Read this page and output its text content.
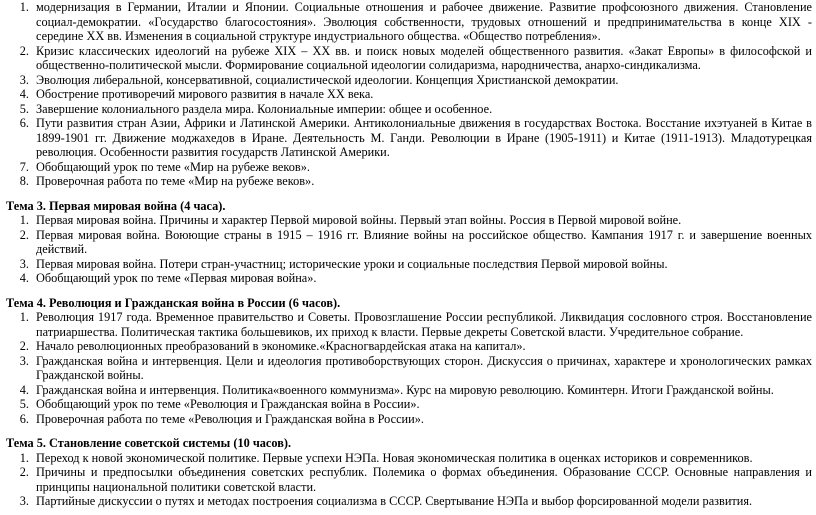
1. модернизация в Германии, Италии и Японии. Социальные отношения и рабочее движение. Развитие профсоюзного движения. Становление социал-демократии. «Государство благосостояния». Эволюция собственности, трудовых отношений и предпринимательства в конце XIX - середине XX вв. Изменения в социальной структуре индустриального общества. «Общество потребления».
2. Кризис классических идеологий на рубеже XIX – XX вв. и поиск новых моделей общественного развития. «Закат Европы» в философской и общественно-политической мысли. Формирование социальной идеологии солидаризма, народничества, анархо-синдикализма.
3. Эволюция либеральной, консервативной, социалистической идеологии. Концепция Христианской демократии.
4. Обострение противоречий мирового развития в начале XX века.
5. Завершение колониального раздела мира. Колониальные империи: общее и особенное.
6. Пути развития стран Азии, Африки и Латинской Америки. Антиколониальные движения в государствах Востока. Восстание ихэтуаней в Китае в 1899-1901 гг. Движение моджахедов в Иране. Деятельность М. Ганди. Революции в Иране (1905-1911) и Китае (1911-1913). Младотурецкая революция. Особенности развития государств Латинской Америки.
7. Обобщающий урок по теме «Мир на рубеже веков».
8. Проверочная работа по теме «Мир на рубеже веков».
Тема 3. Первая мировая война (4 часа).
1. Первая мировая война. Причины и характер Первой мировой войны. Первый этап войны. Россия в Первой мировой войне.
2. Первая мировая война. Воюющие страны в 1915 – 1916 гг. Влияние войны на российское общество. Кампания 1917 г. и завершение военных действий.
3. Первая мировая война. Потери стран-участниц; исторические уроки и социальные последствия Первой мировой войны.
4. Обобщающий урок по теме «Первая мировая война».
Тема 4. Революция и Гражданская война в России (6 часов).
1. Революция 1917 года. Временное правительство и Советы. Провозглашение России республикой. Ликвидация сословного строя. Восстановление патриаршества. Политическая тактика большевиков, их приход к власти. Первые декреты Советской власти. Учредительное собрание.
2. Начало революционных преобразований в экономике.«Красногвардейская атака на капитал».
3. Гражданская война и интервенция. Цели и идеология противоборствующих сторон. Дискуссия о причинах, характере и хронологических рамках Гражданской войны.
4. Гражданская война и интервенция. Политика«военного коммунизма». Курс на мировую революцию. Коминтерн. Итоги Гражданской войны.
5. Обобщающий урок по теме «Революция и Гражданская война в России».
6. Проверочная работа по теме «Революция и Гражданская война в России».
Тема 5. Становление советской системы (10 часов).
1. Переход к новой экономической политике. Первые успехи НЭПа. Новая экономическая политика в оценках историков и современников.
2. Причины и предпосылки объединения советских республик. Полемика о формах объединения. Образование СССР. Основные направления и принципы национальной политики советской власти.
3. Партийные дискуссии о путях и методах построения социализма в СССР. Свертывание НЭПа и выбор форсированной модели развития.
